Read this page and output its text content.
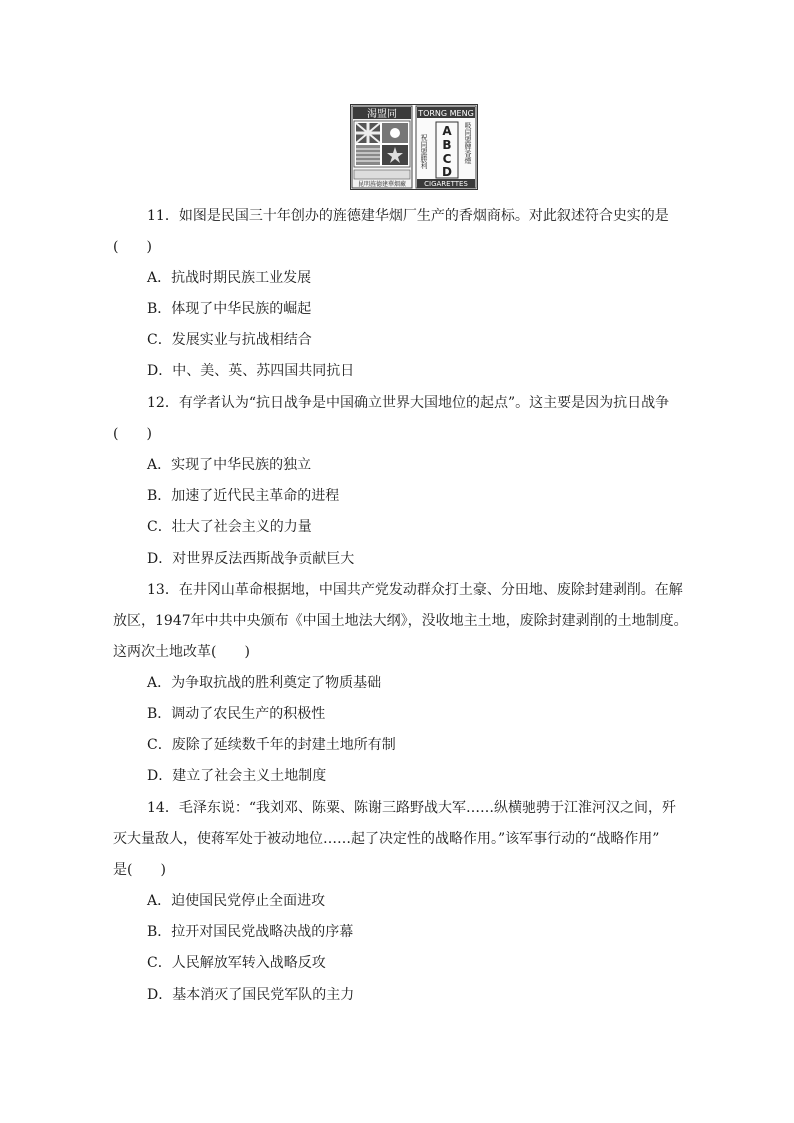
渴盟同
昆明旌德建華烟廠
TORNG MENG
祝同盟勝利	吸同盟牌香煙
A
B
C
D
CIGARETTES
11．如图是民国三十年创办的旌德建华烟厂生产的香烟商标。对此叙述符合史实的是
(　　)
A．抗战时期民族工业发展
B．体现了中华民族的崛起
C．发展实业与抗战相结合
D．中、美、英、苏四国共同抗日
12．有学者认为“抗日战争是中国确立世界大国地位的起点”。这主要是因为抗日战争
(　　)
A．实现了中华民族的独立
B．加速了近代民主革命的进程
C．壮大了社会主义的力量
D．对世界反法西斯战争贡献巨大
13．在井冈山革命根据地，中国共产党发动群众打土豪、分田地、废除封建剥削。在解
放区，1947年中共中央颁布《中国土地法大纲》，没收地主土地，废除封建剥削的土地制度。
这两次土地改革(　　)
A．为争取抗战的胜利奠定了物质基础
B．调动了农民生产的积极性
C．废除了延续数千年的封建土地所有制
D．建立了社会主义土地制度
14．毛泽东说：“我刘邓、陈粟、陈谢三路野战大军……纵横驰骋于江淮河汉之间，歼
灭大量敌人，使蒋军处于被动地位……起了决定性的战略作用。”该军事行动的“战略作用”
是(　　)
A．迫使国民党停止全面进攻
B．拉开对国民党战略决战的序幕
C．人民解放军转入战略反攻
D．基本消灭了国民党军队的主力
